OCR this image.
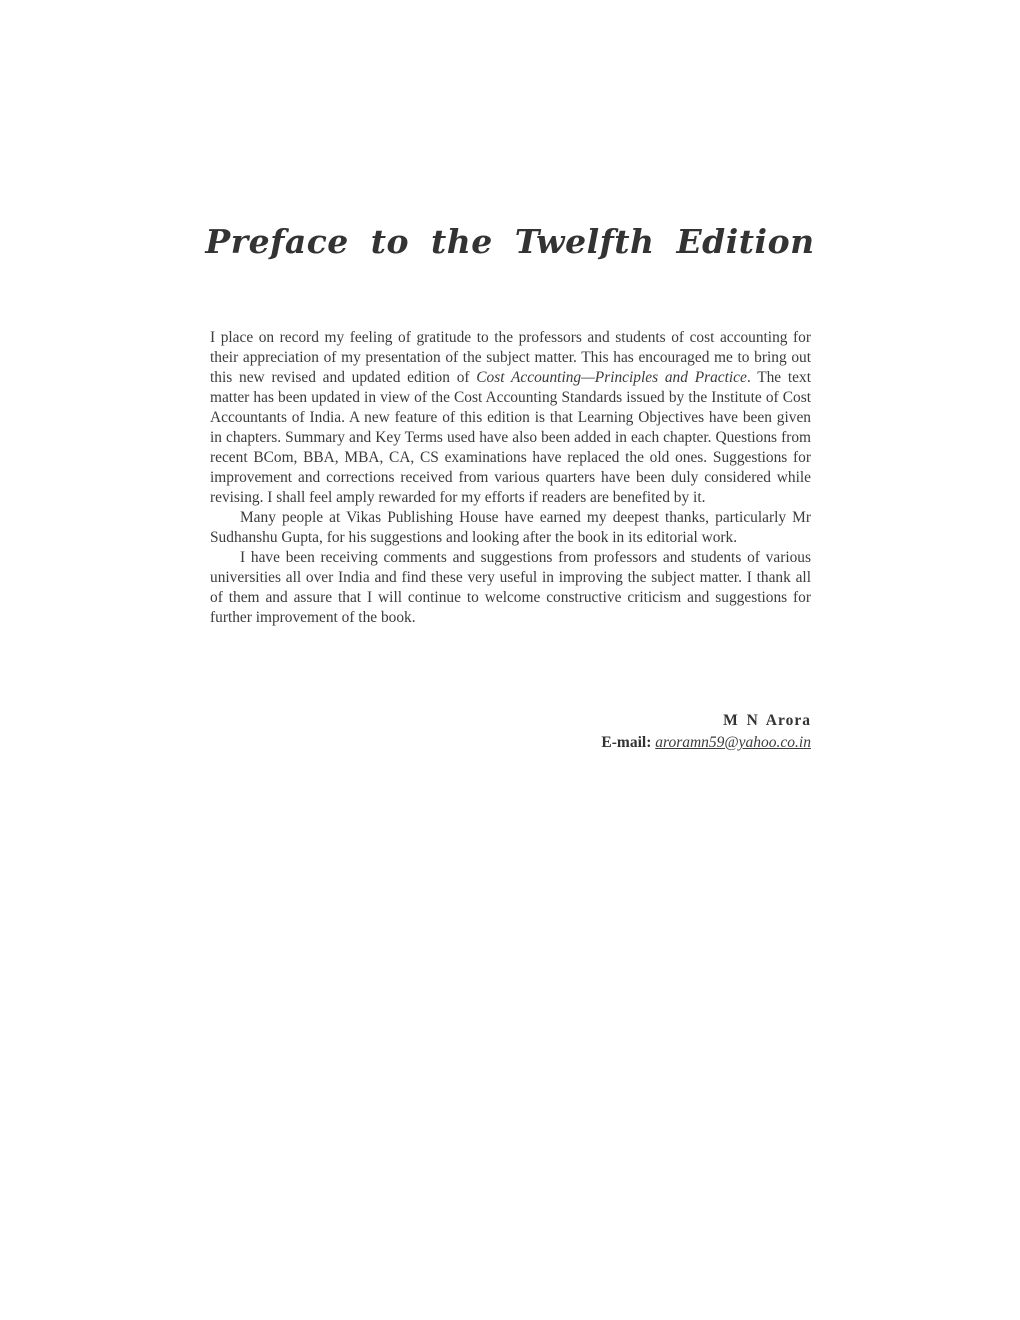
Preface to the Twelfth Edition

I place on record my feeling of gratitude to the professors and students of cost accounting for their appreciation of my presentation of the subject matter. This has encouraged me to bring out this new revised and updated edition of Cost Accounting—Principles and Practice. The text matter has been updated in view of the Cost Accounting Standards issued by the Institute of Cost Accountants of India. A new feature of this edition is that Learning Objectives have been given in chapters. Summary and Key Terms used have also been added in each chapter. Questions from recent BCom, BBA, MBA, CA, CS examinations have replaced the old ones. Suggestions for improvement and corrections received from various quarters have been duly considered while revising. I shall feel amply rewarded for my efforts if readers are benefited by it.

Many people at Vikas Publishing House have earned my deepest thanks, particularly Mr Sudhanshu Gupta, for his suggestions and looking after the book in its editorial work.

I have been receiving comments and suggestions from professors and students of various universities all over India and find these very useful in improving the subject matter. I thank all of them and assure that I will continue to welcome constructive criticism and suggestions for further improvement of the book.

M N Arora
E-mail: aroramn59@yahoo.co.in
